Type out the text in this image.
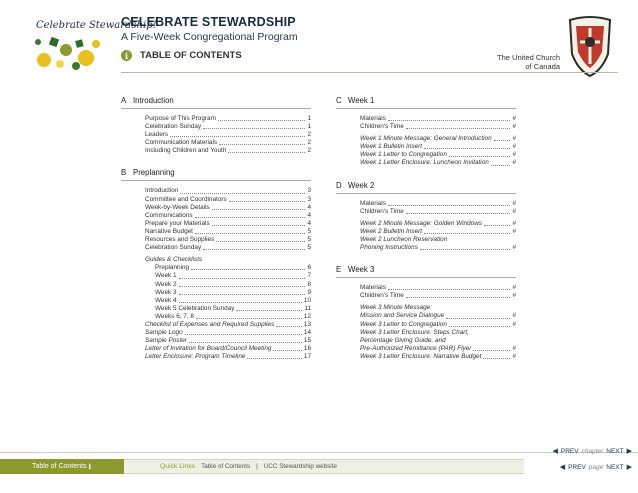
Celebrate Stewardship!
CELEBRATE STEWARDSHIP
A Five-Week Congregational Program
i	TABLE OF CONTENTS	The United Church
of Canada
A Introduction
Purpose of This Program	1
Celebration Sunday	1
Leaders	2
Communication Materials	2
Including Children and Youth	2
B Preplanning
Introduction	3
Committee and Coordinators	3
Week-by-Week Details	4
Communications	4
Prepare your Materials	4
Narrative Budget	5
Resources and Supplies	5
Celebration Sunday	5
Guides & Checklists
Preplanning	6
Week 1	7
Week 2	8
Week 3	9
Week 4	10
Week 5 Celebration Sunday	11
Weeks 6, 7, 8	12
Checklist of Expenses and Required Supplies	13
Sample Logo	14
Sample Poster	15
Letter of Invitation for Board/Council Meeting	16
Letter Enclosure: Program Timeline	17
C Week 1
Materials	#
Children's Time	#
Week 1 Minute Message: General Introduction	#
Week 1 Bulletin Insert	#
Week 1 Letter to Congregation	#
Week 1 Letter Enclosure: Luncheon Invitation	#
D Week 2
Materials	#
Children's Time	#
Week 2 Minute Message: Golden Windows	#
Week 2 Bulletin Insert	#
Week 2 Luncheon Reservation
Phoning Instructions	#
E Week 3
Materials	#
Children's Time	#
Week 3 Minute Message:
Mission and Service Dialogue	#
Week 3 Letter to Congregation	#
Week 3 Letter Enclosure: Steps Chart,
Percentage Giving Guide, and
Pre-Authorized Remittance (PAR) Flyer	#
Week 3 Letter Enclosure: Narrative Budget	#
◀ PREV chapter NEXT ▶
Table of Contents
i	Quick Links Table of Contents | UCC Stewardship website	◀ PREV page NEXT ▶
